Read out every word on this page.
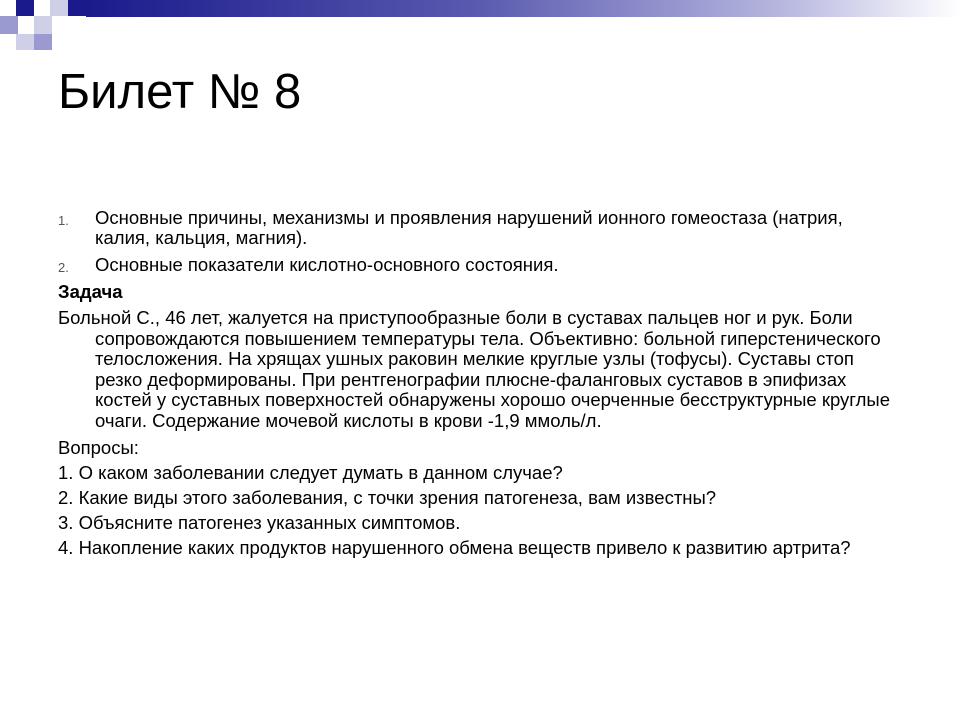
Билет № 8
1. Основные причины, механизмы и проявления нарушений ионного гомеостаза (натрия, калия, кальция, магния).
2. Основные показатели кислотно-основного состояния.
Задача
Больной С., 46 лет, жалуется на приступообразные боли в суставах пальцев ног и рук. Боли сопровождаются повышением температуры тела. Объективно: больной гиперстенического телосложения. На хрящах ушных раковин мелкие круглые узлы (тофусы). Суставы стоп резко деформированы. При рентгенографии плюсне-фаланговых суставов в эпифизах костей у суставных поверхностей обнаружены хорошо очерченные бесструктурные круглые очаги. Содержание мочевой кислоты в крови -1,9 ммоль/л.
Вопросы:
1. О каком заболевании следует думать в данном случае?
2. Какие виды этого заболевания, с точки зрения патогенеза, вам известны?
3. Объясните патогенез указанных симптомов.
4. Накопление каких продуктов нарушенного обмена веществ привело к развитию артрита?
